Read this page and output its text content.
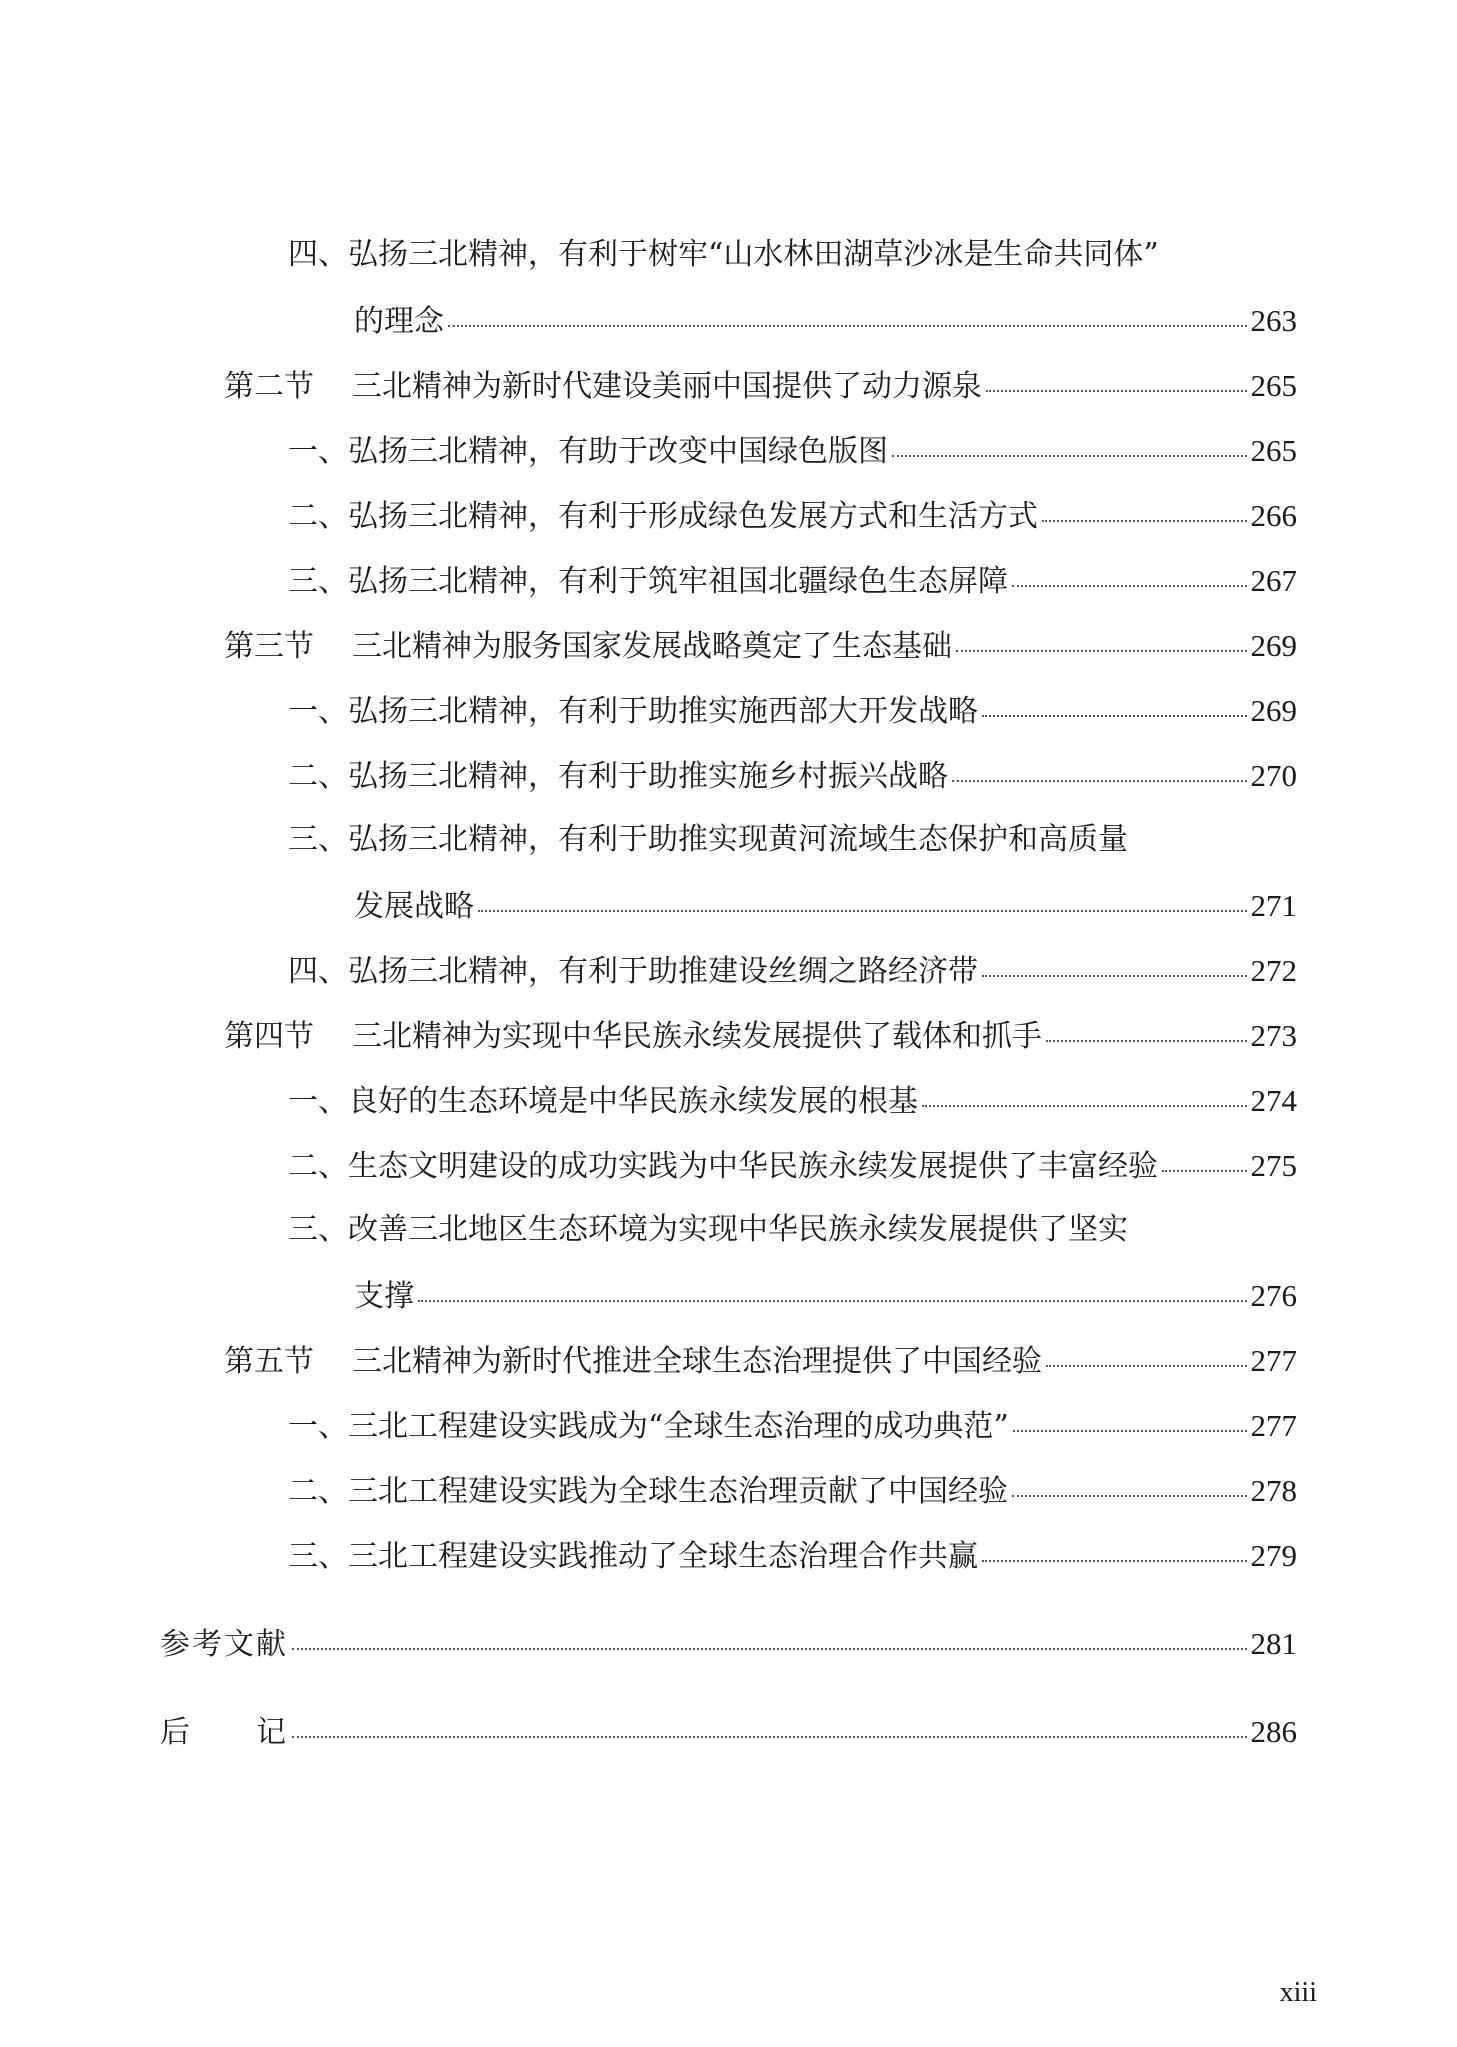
四、弘扬三北精神，有利于树牢“山水林田湖草沙冰是生命共同体”
的理念	263
第二节 三北精神为新时代建设美丽中国提供了动力源泉	265
一、弘扬三北精神，有助于改变中国绿色版图	265
二、弘扬三北精神，有利于形成绿色发展方式和生活方式	266
三、弘扬三北精神，有利于筑牢祖国北疆绿色生态屏障	267
第三节 三北精神为服务国家发展战略奠定了生态基础	269
一、弘扬三北精神，有利于助推实施西部大开发战略	269
二、弘扬三北精神，有利于助推实施乡村振兴战略	270
三、弘扬三北精神，有利于助推实现黄河流域生态保护和高质量
发展战略	271
四、弘扬三北精神，有利于助推建设丝绸之路经济带	272
第四节 三北精神为实现中华民族永续发展提供了载体和抓手	273
一、良好的生态环境是中华民族永续发展的根基	274
二、生态文明建设的成功实践为中华民族永续发展提供了丰富经验	275
三、改善三北地区生态环境为实现中华民族永续发展提供了坚实
支撑	276
第五节 三北精神为新时代推进全球生态治理提供了中国经验	277
一、三北工程建设实践成为“全球生态治理的成功典范”	277
二、三北工程建设实践为全球生态治理贡献了中国经验	278
三、三北工程建设实践推动了全球生态治理合作共赢	279
参考文献	281
后　　记	286
xiii
